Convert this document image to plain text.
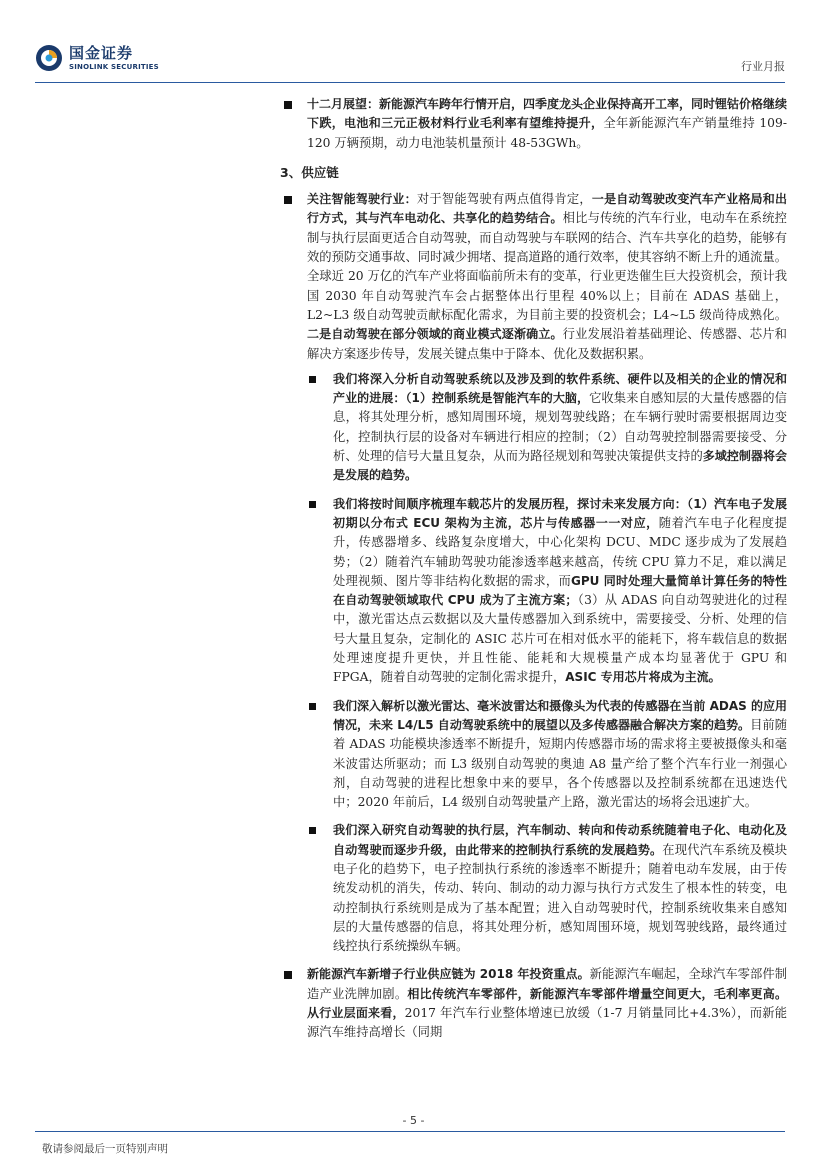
国金证券
SINOLINK SECURITIES	行业月报
十二月展望：新能源汽车跨年行情开启，四季度龙头企业保持高开工率，同时锂钴价格继续下跌，电池和三元正极材料行业毛利率有望维持提升，全年新能源汽车产销量维持 109-120 万辆预期，动力电池装机量预计 48-53GWh。
3、供应链
关注智能驾驶行业：对于智能驾驶有两点值得肯定，一是自动驾驶改变汽车产业格局和出行方式，其与汽车电动化、共享化的趋势结合。相比与传统的汽车行业，电动车在系统控制与执行层面更适合自动驾驶，而自动驾驶与车联网的结合、汽车共享化的趋势，能够有效的预防交通事故、同时减少拥堵、提高道路的通行效率，使其容纳不断上升的通流量。全球近 20 万亿的汽车产业将面临前所未有的变革，行业更迭催生巨大投资机会，预计我国 2030 年自动驾驶汽车会占据整体出行里程 40%以上；目前在 ADAS 基础上，L2~L3 级自动驾驶贡献标配化需求，为目前主要的投资机会；L4~L5 级尚待成熟化。二是自动驾驶在部分领域的商业模式逐渐确立。行业发展沿着基础理论、传感器、芯片和解决方案逐步传导，发展关键点集中于降本、优化及数据积累。
我们将深入分析自动驾驶系统以及涉及到的软件系统、硬件以及相关的企业的情况和产业的进展：（1）控制系统是智能汽车的大脑，它收集来自感知层的大量传感器的信息，将其处理分析，感知周围环境，规划驾驶线路；在车辆行驶时需要根据周边变化，控制执行层的设备对车辆进行相应的控制；（2）自动驾驶控制器需要接受、分析、处理的信号大量且复杂，从而为路径规划和驾驶决策提供支持的多域控制器将会是发展的趋势。
我们将按时间顺序梳理车载芯片的发展历程，探讨未来发展方向：（1）汽车电子发展初期以分布式 ECU 架构为主流，芯片与传感器一一对应，随着汽车电子化程度提升，传感器增多、线路复杂度增大，中心化架构 DCU、MDC 逐步成为了发展趋势；（2）随着汽车辅助驾驶功能渗透率越来越高，传统 CPU 算力不足，难以满足处理视频、图片等非结构化数据的需求，而GPU 同时处理大量简单计算任务的特性在自动驾驶领域取代 CPU 成为了主流方案；（3）从 ADAS 向自动驾驶进化的过程中，激光雷达点云数据以及大量传感器加入到系统中，需要接受、分析、处理的信号大量且复杂，定制化的 ASIC 芯片可在相对低水平的能耗下，将车载信息的数据处理速度提升更快，并且性能、能耗和大规模量产成本均显著优于 GPU 和 FPGA，随着自动驾驶的定制化需求提升，ASIC 专用芯片将成为主流。
我们深入解析以激光雷达、毫米波雷达和摄像头为代表的传感器在当前 ADAS 的应用情况，未来 L4/L5 自动驾驶系统中的展望以及多传感器融合解决方案的趋势。目前随着 ADAS 功能模块渗透率不断提升，短期内传感器市场的需求将主要被摄像头和毫米波雷达所驱动；而 L3 级别自动驾驶的奥迪 A8 量产给了整个汽车行业一剂强心剂，自动驾驶的进程比想象中来的要早，各个传感器以及控制系统都在迅速迭代中；2020 年前后，L4 级别自动驾驶量产上路，激光雷达的场将会迅速扩大。
我们深入研究自动驾驶的执行层，汽车制动、转向和传动系统随着电子化、电动化及自动驾驶而逐步升级，由此带来的控制执行系统的发展趋势。在现代汽车系统及模块电子化的趋势下，电子控制执行系统的渗透率不断提升；随着电动车发展，由于传统发动机的消失，传动、转向、制动的动力源与执行方式发生了根本性的转变，电动控制执行系统则是成为了基本配置；进入自动驾驶时代，控制系统收集来自感知层的大量传感器的信息，将其处理分析，感知周围环境，规划驾驶线路，最终通过线控执行系统操纵车辆。
新能源汽车新增子行业供应链为 2018 年投资重点。新能源汽车崛起，全球汽车零部件制造产业洗牌加剧。相比传统汽车零部件，新能源汽车零部件增量空间更大，毛利率更高。从行业层面来看，2017 年汽车行业整体增速已放缓（1-7 月销量同比+4.3%），而新能源汽车维持高增长（同期
- 5 -
敬请参阅最后一页特别声明
